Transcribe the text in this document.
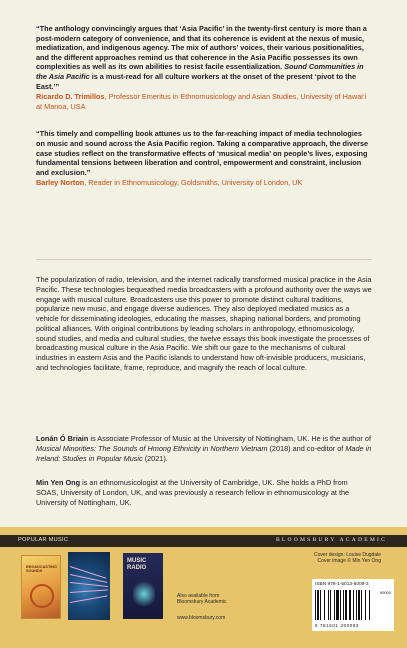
“The anthology convincingly argues that ‘Asia Pacific’ in the twenty-first century is more than a post-modern category of convenience, and that its coherence is evident at the nexus of music, mediatization, and indigenous agency. The mix of authors’ voices, their various positionalities, and the different approaches remind us that coherence in the Asia Pacific possesses its own complexities as well as its own abilities to resist facile essentialization. Sound Communities in the Asia Pacific is a must-read for all culture workers at the onset of the present ‘pivot to the East.’”

Ricardo D. Trimillos, Professor Emeritus in Ethnomusicology and Asian Studies, University of Hawai‘i at Manoa, USA

“This timely and compelling book attunes us to the far-reaching impact of media technologies on music and sound across the Asia Pacific region. Taking a comparative approach, the diverse case studies reflect on the transformative effects of ‘musical media’ on people’s lives, exposing fundamental tensions between liberation and control, empowerment and constraint, inclusion and exclusion.”

Barley Norton, Reader in Ethnomusicology, Goldsmiths, University of London, UK

The popularization of radio, television, and the internet radically transformed musical practice in the Asia Pacific. These technologies bequeathed media broadcasters with a profound authority over the ways we engage with musical culture. Broadcasters use this power to promote distinct cultural traditions, popularize new music, and engage diverse audiences. They also deployed mediated musics as a vehicle for disseminating ideologies, educating the masses, shaping national borders, and promoting political alliances. With original contributions by leading scholars in anthropology, ethnomusicology, sound studies, and media and cultural studies, the twelve essays this book investigate the processes of broadcasting musical culture in the Asia Pacific. We shift our gaze to the mechanisms of cultural industries in eastern Asia and the Pacific islands to understand how oft-invisible producers, musicians, and technologies facilitate, frame, reproduce, and magnify the reach of local culture.

Lonán Ó Briain is Associate Professor of Music at the University of Nottingham, UK. He is the author of Musical Minorities: The Sounds of Hmong Ethnicity in Northern Vietnam (2018) and co-editor of Made in Ireland: Studies in Popular Music (2021).

Min Yen Ong is an ethnomusicologist at the University of Cambridge, UK. She holds a PhD from SOAS, University of London, UK, and was previously a research fellow in ethnomusicology at the University of Nottingham, UK.

POPULAR MUSIC	BLOOMSBURY ACADEMIC
BROADCASTING
SOUNDS
MUSIC
RADIO
Also available from
Bloomsbury Academic
www.bloomsbury.com
Cover design: Louise Dugdale
Cover image © Min Yen Ong
ISBN 978-1-5013-6009-3
90000
9 781501 360093
